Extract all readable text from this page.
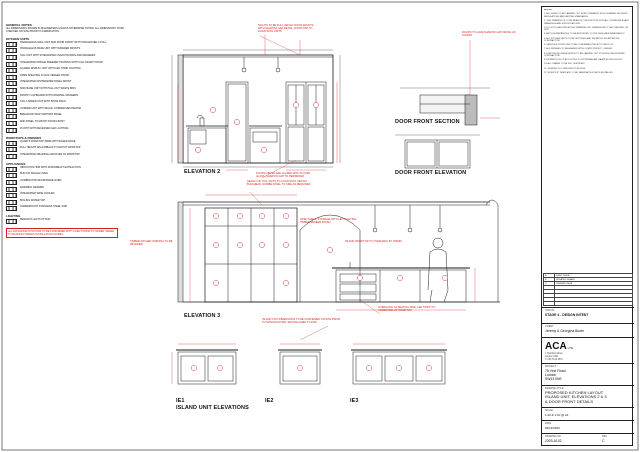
GENERAL NOTES
ALL DIMENSIONS SHOWN IN MILLIMETERS UNLESS OTHERWISE NOTED. ALL DIMENSIONS TO BE CHECKED ON SITE PRIOR TO FABRICATION.
KITCHEN UNITS
HANDLELESS WALL UNIT AND DOOR FRONT WITH INTEGRATED J-PULL
HANDLELESS BASE UNIT WITH DRAWER FRONTS
TALL UNIT WITH INTEGRATED OVEN HOUSING AND DRAWERS
INTEGRATED FRIDGE FREEZER HOUSING WITH FULL HEIGHT DOOR
GLAZED DISPLAY UNIT WITH LED STRIP LIGHTING
OPEN SHELVING IN OAK VENEER FINISH
INTEGRATED DISHWASHER PANEL FRONT
SINK BASE UNIT WITH PULL-OUT WASTE BINS
PANTRY CUPBOARD WITH INTERNAL DRAWERS
TALL LARDER UNIT WITH SPICE RACK
CORNER UNIT WITH MAGIC CORNER MECHANISM
BREAKFAST BAR SUPPORT PANEL
END PANEL TO MATCH DOOR FINISH
PLINTH WITH RECESSED LED LIGHTING
WORKTOPS & FINISHES
QUARTZ WORKTOP 30MM WITH EASED EDGE
FULL HEIGHT SPLASHBACK TO MATCH WORKTOP
INTEGRATED DRAINING GROOVES TO WORKTOP
APPLIANCES
INDUCTION HOB WITH DOWNDRAFT EXTRACTION
BUILT-IN SINGLE OVEN
COMBINATION MICROWAVE OVEN
WARMING DRAWER
INTEGRATED WINE COOLER
BOILING WATER TAP
UNDERMOUNT STAINLESS STEEL SINK
LIGHTING
PENDANT LIGHT FITTING
ALL APPLIANCE POSITIONS TO BE CONFIRMED WITH CLIENT PRIOR TO ORDER. REFER TO MANUFACTURERS INSTALLATION GUIDES.
ELEVATION 2
ELEVATION 3
DOOR FRONT SECTION
DOOR FRONT ELEVATION
IE1
ISLAND UNIT ELEVATIONS
IE2	IE3
NIGHTS TO BE FULL HEIGHT DOOR FRONTS WITH SHADOW GAP DETAIL, DOOR GAP TO ALIGN WITH UNITS
DOORS ABOVE ARE GLAZED WITH FLUTED GLASS, SHADOW GAP TO PERIMETER
DOORS TO HAVE SHADOW GAP DETAIL AS SHOWN
HEIGHT OF TALL UNITS TO ALIGN WITH CEILING BULKHEAD, SCRIBE PANEL TO SIDE AS REQUIRED
TIMBER ARCHED OPENING TO BE RETAINED
OPEN SHELF, STORAGE WITH LED LIGHTING, TIMBER VENEER FINISH
ISLAND WORKTOP TO OVERHANG BY 300MM
ISLAND UNIT DIMENSIONS TO BE CONFIRMED ON SITE PRIOR TO MANUFACTURE, SEATING AREA TO END
OVERHANG TO SEATING SIDE, LED STRIP TO UNDERSIDE OF WORKTOP

NOTES

1. ALL WORK TO BE CARRIED OUT IN ACCORDANCE WITH CURRENT BUILDING REGULATIONS AND BRITISH STANDARDS.

2. THIS DRAWING IS TO BE READ IN CONJUNCTION WITH ALL OTHER RELEVANT DRAWINGS AND SPECIFICATIONS.

3. DO NOT SCALE FROM THIS DRAWING. ALL DIMENSIONS TO BE CHECKED ON SITE.

4. ANY DISCREPANCIES TO BE REPORTED TO THE DESIGNER IMMEDIATELY.

5. ALL KITCHEN UNITS TO BE SUPPLIED AND INSTALLED BY APPROVED CONTRACTOR.

6. SERVICES POSITIONS TO BE CONFIRMED PRIOR TO FIRST FIX.

7. ALL FINISHES TO BE AGREED WITH CLIENT PRIOR TO ORDER.

8. ELECTRICAL INSTALLATION TO BE CARRIED OUT BY NICEIC REGISTERED CONTRACTOR.

9. EXTRACTION TO BE DUCTED TO EXTERNAL AIR VIA APPROVED ROUTE.

10. ALL TIMBER TO BE FSC CERTIFIED.

11. GLAZING TO CONFORM TO BS 6206.

12. WORKTOP TEMPLATE TO BE TAKEN AFTER UNITS INSTALLED.

A	FIRST ISSUE
B	UPDATED ISLAND
C	TENDER ISSUE

STATUS
STAGE 4 - DESIGN INTENT
CLIENT
Jeremy & Georgina Boote
ACALTD
1 Hamilton Mews
London SW1
T: 020 7123 4567
PROJECT
78 Vine Road
London
SW13 0NE
DRAWING TITLE
PROPOSED KITCHEN LAYOUT
ISLAND UNIT, ELEVATIONS 2 & 3
& DOOR FRONT DETAILS
SCALE
1:20 & 1:10 @ A1
DATE
03/11/2023
DRAWING NO.
2303-A102
REV
C
